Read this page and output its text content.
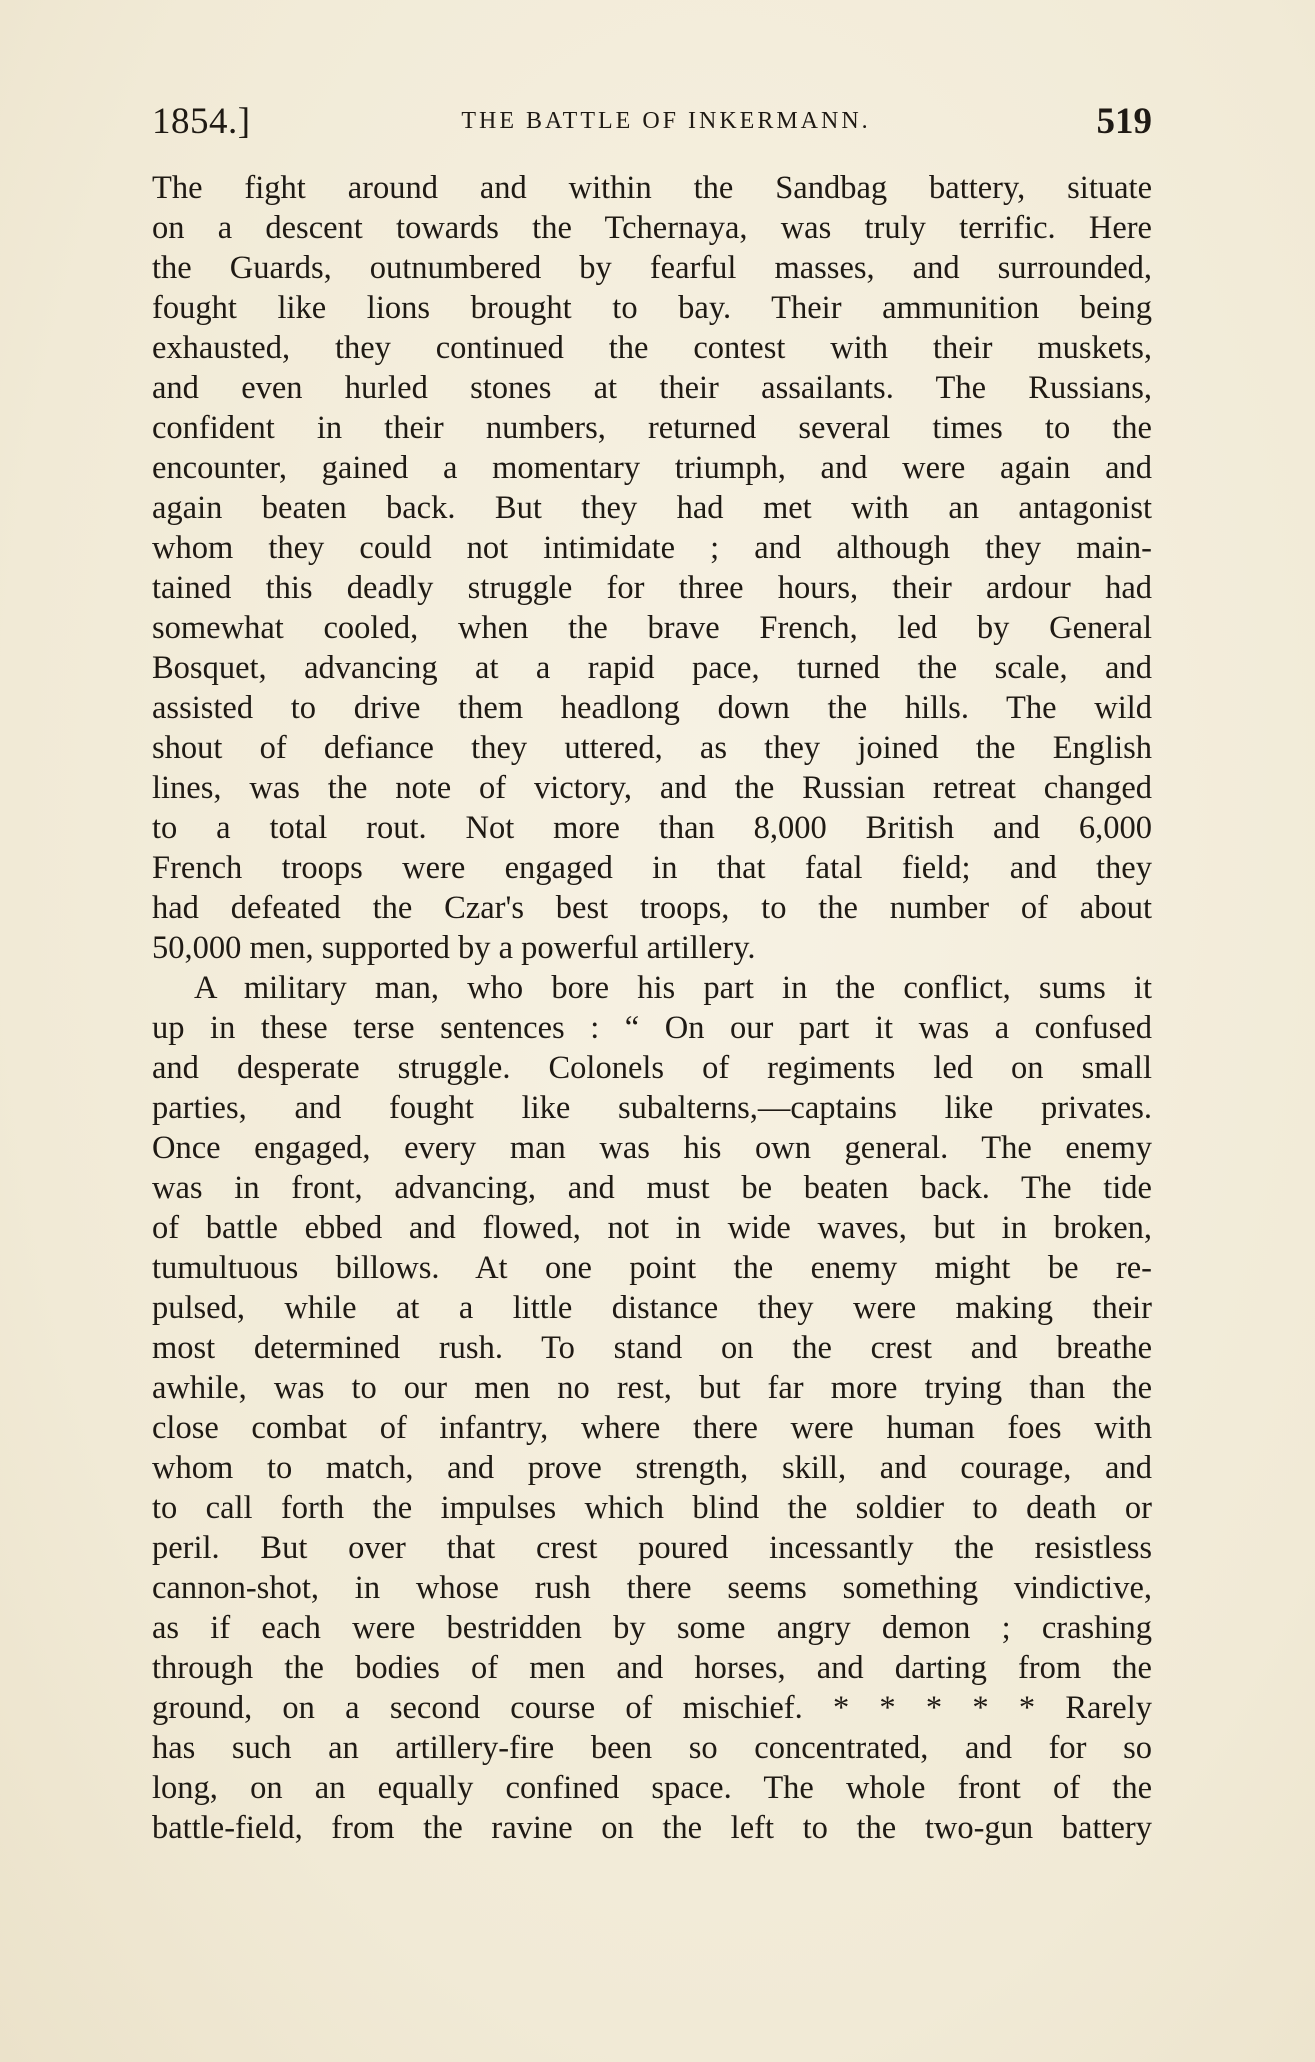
1854.]	THE BATTLE OF INKERMANN.	519
The fight around and within the Sandbag battery, situate
on a descent towards the Tchernaya, was truly terrific. Here
the Guards, outnumbered by fearful masses, and surrounded,
fought like lions brought to bay. Their ammunition being
exhausted, they continued the contest with their muskets,
and even hurled stones at their assailants. The Russians,
confident in their numbers, returned several times to the
encounter, gained a momentary triumph, and were again and
again beaten back. But they had met with an antagonist
whom they could not intimidate ; and although they main-
tained this deadly struggle for three hours, their ardour had
somewhat cooled, when the brave French, led by General
Bosquet, advancing at a rapid pace, turned the scale, and
assisted to drive them headlong down the hills. The wild
shout of defiance they uttered, as they joined the English
lines, was the note of victory, and the Russian retreat changed
to a total rout. Not more than 8,000 British and 6,000
French troops were engaged in that fatal field; and they
had defeated the Czar's best troops, to the number of about
50,000 men, supported by a powerful artillery.
A military man, who bore his part in the conflict, sums it
up in these terse sentences : “ On our part it was a confused
and desperate struggle. Colonels of regiments led on small
parties, and fought like subalterns,—captains like privates.
Once engaged, every man was his own general. The enemy
was in front, advancing, and must be beaten back. The tide
of battle ebbed and flowed, not in wide waves, but in broken,
tumultuous billows. At one point the enemy might be re-
pulsed, while at a little distance they were making their
most determined rush. To stand on the crest and breathe
awhile, was to our men no rest, but far more trying than the
close combat of infantry, where there were human foes with
whom to match, and prove strength, skill, and courage, and
to call forth the impulses which blind the soldier to death or
peril. But over that crest poured incessantly the resistless
cannon-shot, in whose rush there seems something vindictive,
as if each were bestridden by some angry demon ; crashing
through the bodies of men and horses, and darting from the
ground, on a second course of mischief. * * * * * Rarely
has such an artillery-fire been so concentrated, and for so
long, on an equally confined space. The whole front of the
battle-field, from the ravine on the left to the two-gun battery
